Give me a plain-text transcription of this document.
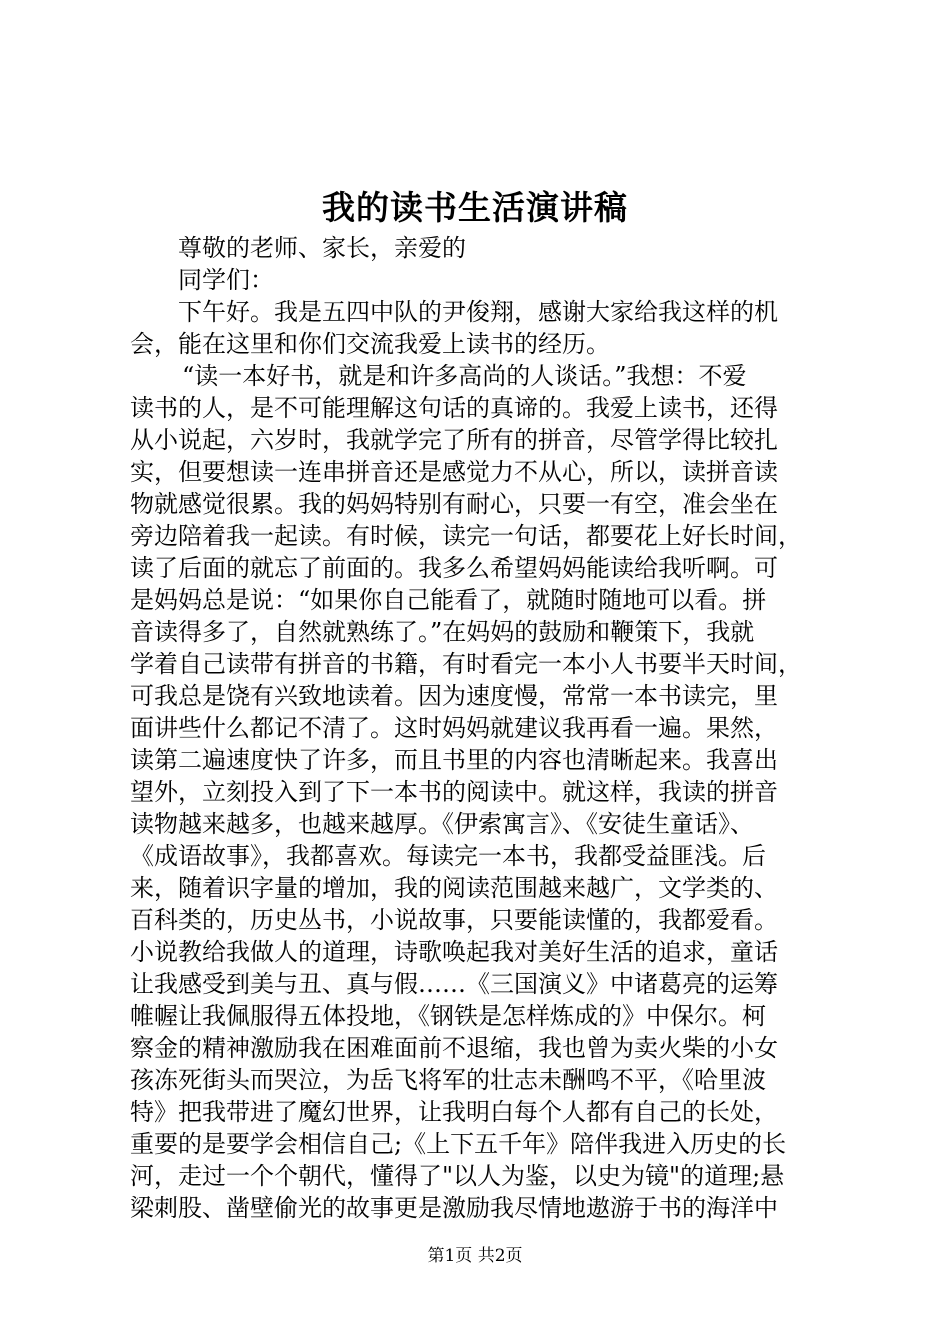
我的读书生活演讲稿
尊敬的老师、家长，亲爱的
同学们：
下午好。我是五四中队的尹俊翔，感谢大家给我这样的机
会，能在这里和你们交流我爱上读书的经历。
“读一本好书，就是和许多高尚的人谈话。”我想：不爱
读书的人，是不可能理解这句话的真谛的。我爱上读书，还得
从小说起，六岁时，我就学完了所有的拼音，尽管学得比较扎
实，但要想读一连串拼音还是感觉力不从心，所以，读拼音读
物就感觉很累。我的妈妈特别有耐心，只要一有空，准会坐在
旁边陪着我一起读。有时候，读完一句话，都要花上好长时间，
读了后面的就忘了前面的。我多么希望妈妈能读给我听啊。可
是妈妈总是说：“如果你自己能看了，就随时随地可以看。拼
音读得多了，自然就熟练了。”在妈妈的鼓励和鞭策下，我就
学着自己读带有拼音的书籍，有时看完一本小人书要半天时间，
可我总是饶有兴致地读着。因为速度慢，常常一本书读完，里
面讲些什么都记不清了。这时妈妈就建议我再看一遍。果然，
读第二遍速度快了许多，而且书里的内容也清晰起来。我喜出
望外，立刻投入到了下一本书的阅读中。就这样，我读的拼音
读物越来越多，也越来越厚。《伊索寓言》、《安徒生童话》、
《成语故事》，我都喜欢。每读完一本书，我都受益匪浅。后
来，随着识字量的增加，我的阅读范围越来越广，文学类的、
百科类的，历史丛书，小说故事，只要能读懂的，我都爱看。
小说教给我做人的道理，诗歌唤起我对美好生活的追求，童话
让我感受到美与丑、真与假……《三国演义》中诸葛亮的运筹
帷幄让我佩服得五体投地，《钢铁是怎样炼成的》中保尔。柯
察金的精神激励我在困难面前不退缩，我也曾为卖火柴的小女
孩冻死街头而哭泣，为岳飞将军的壮志未酬鸣不平，《哈里波
特》把我带进了魔幻世界，让我明白每个人都有自己的长处，
重要的是要学会相信自己;《上下五千年》陪伴我进入历史的长
河，走过一个个朝代，懂得了"以人为鉴，以史为镜"的道理;悬
梁刺股、凿壁偷光的故事更是激励我尽情地遨游于书的海洋中
第1页 共2页
